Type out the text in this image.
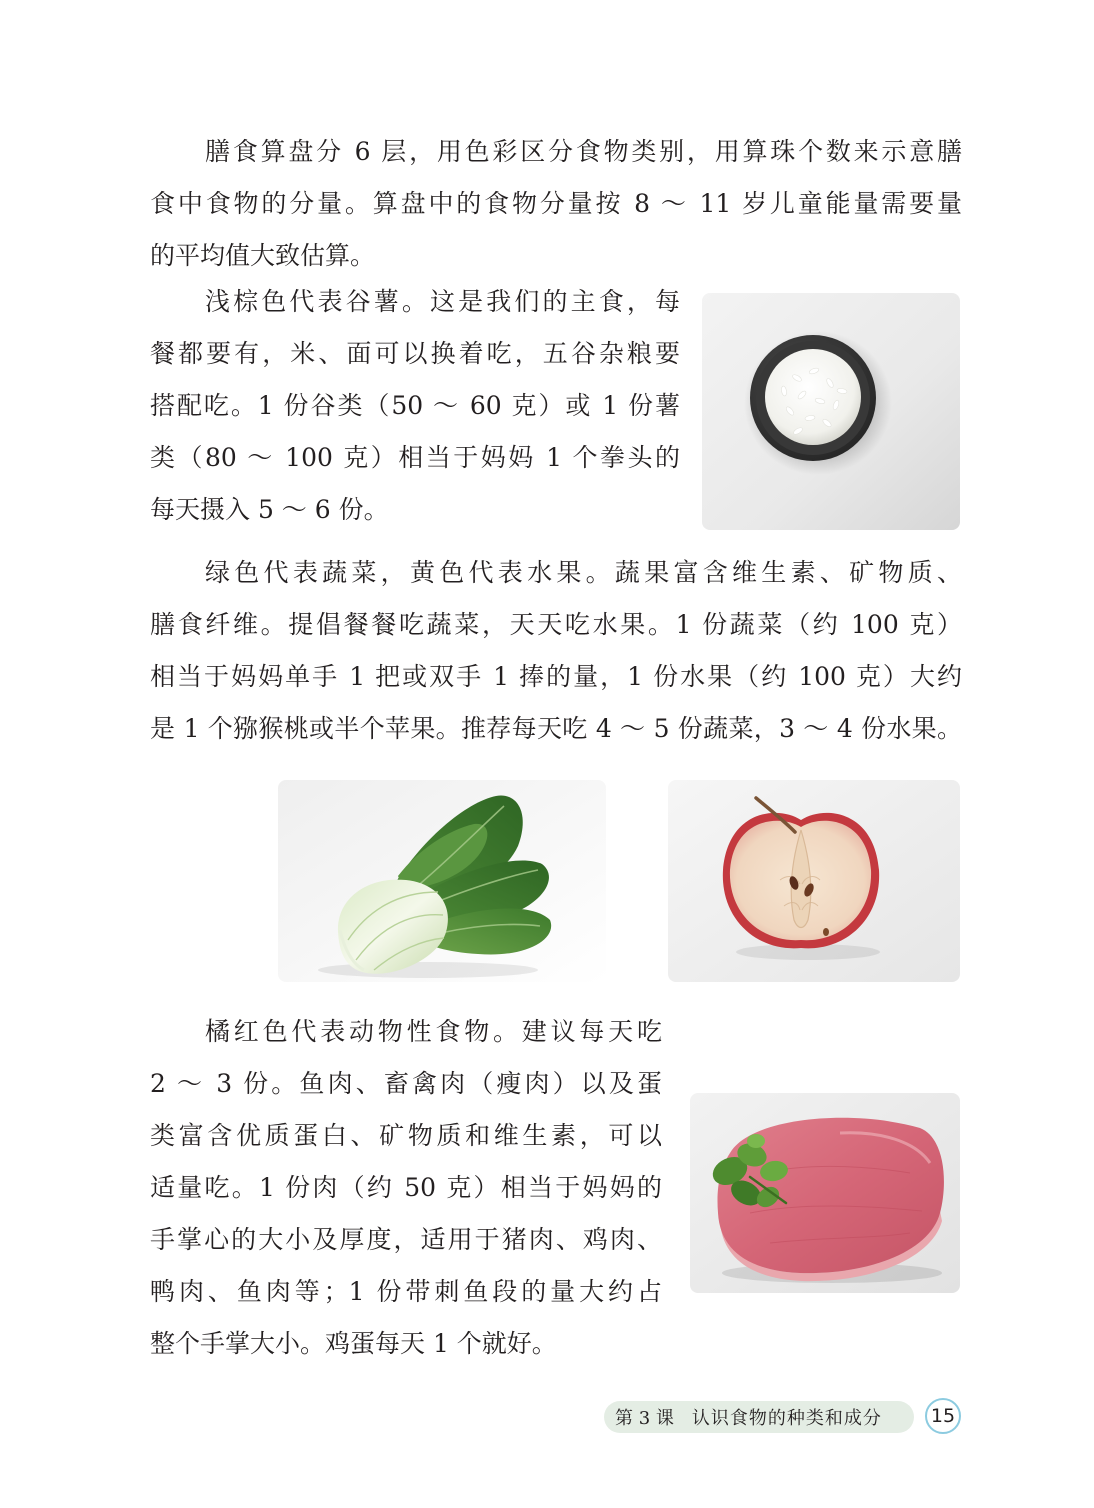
膳食算盘分 6 层，用色彩区分食物类别，用算珠个数来示意膳
食中食物的分量。算盘中的食物分量按 8 ～ 11 岁儿童能量需要量
的平均值大致估算。
浅棕色代表谷薯。这是我们的主食，每
餐都要有，米、面可以换着吃，五谷杂粮要
搭配吃。1 份谷类（50 ～ 60 克）或 1 份薯
类（80 ～ 100 克）相当于妈妈 1 个拳头的
每天摄入 5 ～ 6 份。
绿色代表蔬菜，黄色代表水果。蔬果富含维生素、矿物质、
膳食纤维。提倡餐餐吃蔬菜，天天吃水果。1 份蔬菜（约 100 克）
相当于妈妈单手 1 把或双手 1 捧的量，1 份水果（约 100 克）大约
是 1 个猕猴桃或半个苹果。推荐每天吃 4 ～ 5 份蔬菜，3 ～ 4 份水果。
橘红色代表动物性食物。建议每天吃
2 ～ 3 份。鱼肉、畜禽肉（瘦肉）以及蛋
类富含优质蛋白、矿物质和维生素，可以
适量吃。1 份肉（约 50 克）相当于妈妈的
手掌心的大小及厚度，适用于猪肉、鸡肉、
鸭肉、鱼肉等；1 份带刺鱼段的量大约占
整个手掌大小。鸡蛋每天 1 个就好。
第 3 课 认识食物的种类和成分	15
